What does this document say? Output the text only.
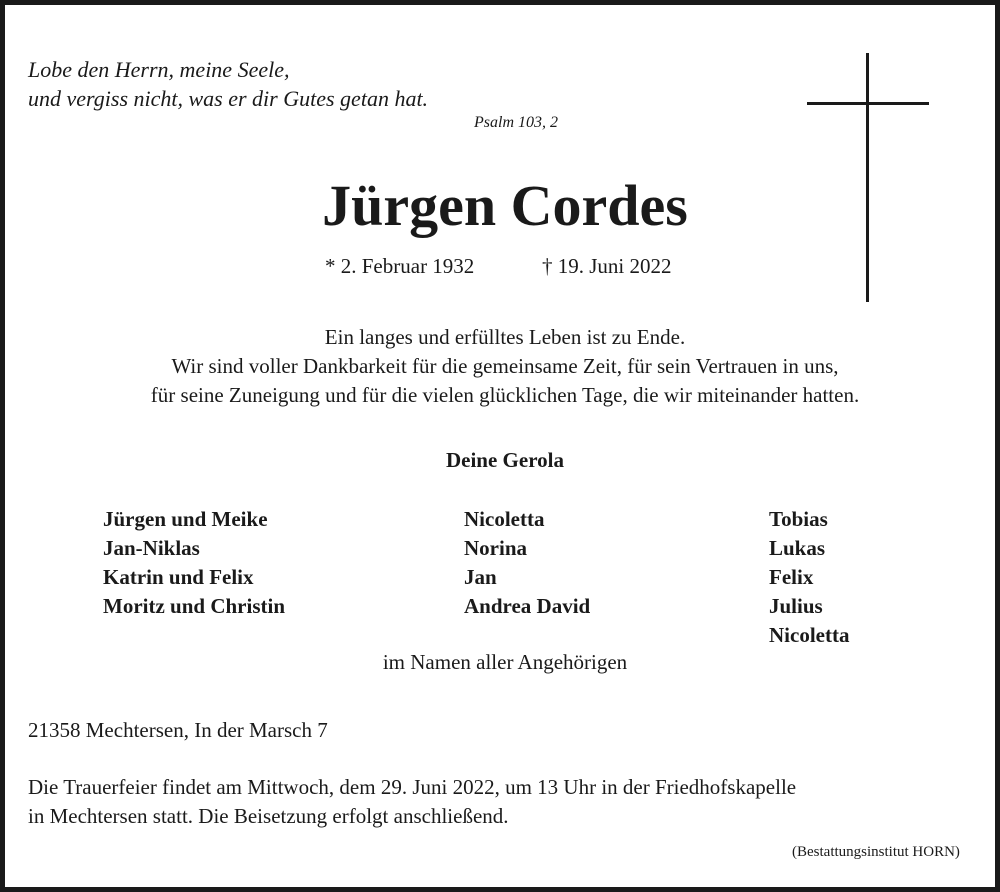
Lobe den Herrn, meine Seele,
und vergiss nicht, was er dir Gutes getan hat.
Psalm 103, 2
Jürgen Cordes
* 2. Februar 1932	† 19. Juni 2022
Ein langes und erfülltes Leben ist zu Ende.
Wir sind voller Dankbarkeit für die gemeinsame Zeit, für sein Vertrauen in uns,
für seine Zuneigung und für die vielen glücklichen Tage, die wir miteinander hatten.
Deine Gerola
Jürgen und Meike
Jan-Niklas
Katrin und Felix
Moritz und Christin
Nicoletta
Norina
Jan
Andrea David
Tobias
Lukas
Felix
Julius
Nicoletta
im Namen aller Angehörigen
21358 Mechtersen, In der Marsch 7
Die Trauerfeier findet am Mittwoch, dem 29. Juni 2022, um 13 Uhr in der Friedhofskapelle
in Mechtersen statt. Die Beisetzung erfolgt anschließend.
(Bestattungsinstitut HORN)
